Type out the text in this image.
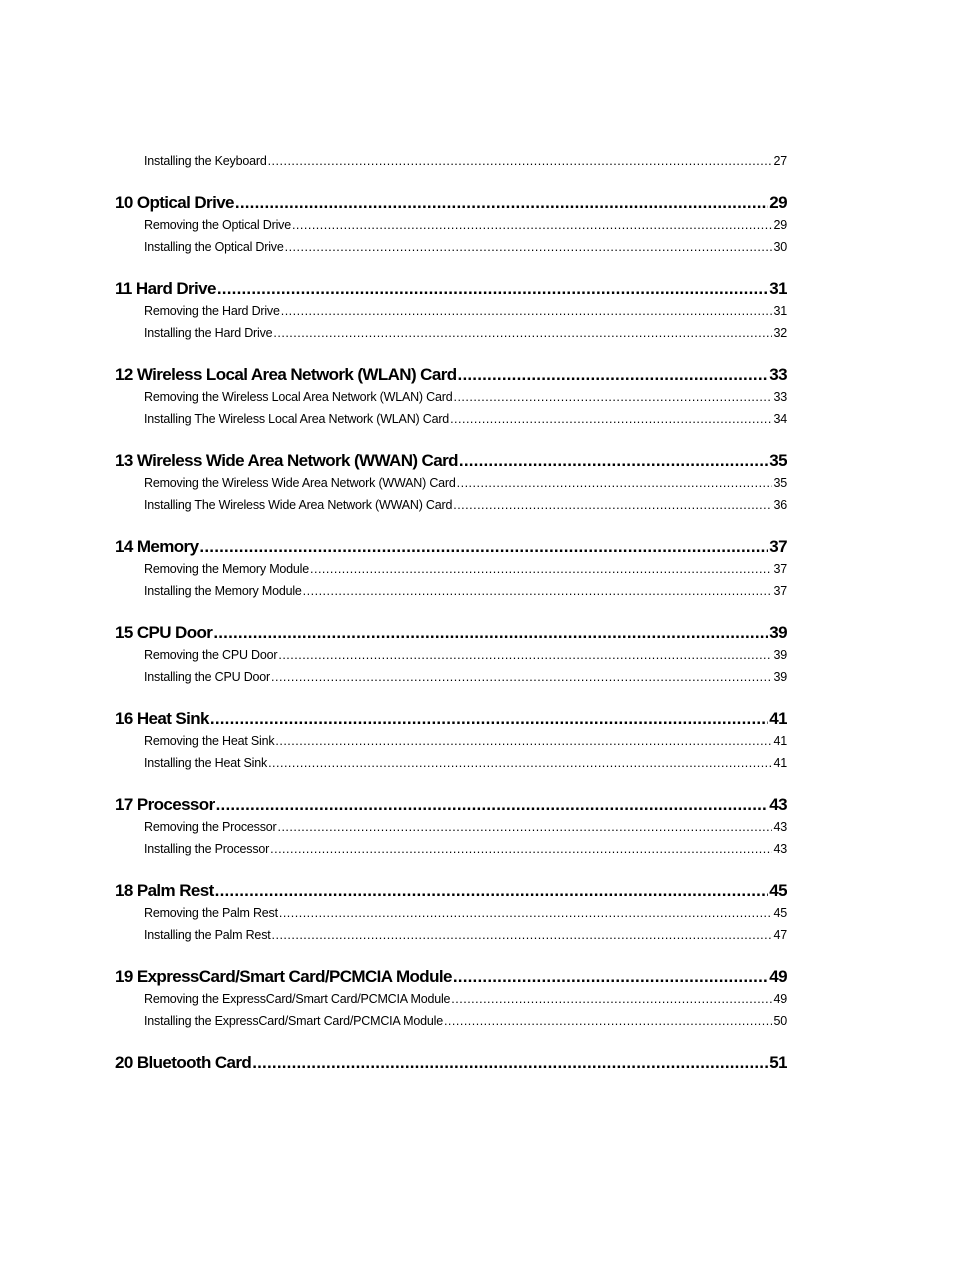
Installing the Keyboard .....	27
10 Optical Drive .....	29
Removing the Optical Drive .....	29
Installing the Optical Drive .....	30
11 Hard Drive .....	31
Removing the Hard Drive .....	31
Installing the Hard Drive .....	32
12 Wireless Local Area Network (WLAN) Card .....	33
Removing the Wireless Local Area Network (WLAN) Card .....	33
Installing The Wireless Local Area Network (WLAN) Card .....	34
13 Wireless Wide Area Network (WWAN) Card .....	35
Removing the Wireless Wide Area Network (WWAN) Card .....	35
Installing The Wireless Wide Area Network (WWAN) Card .....	36
14 Memory .....	37
Removing the Memory Module .....	37
Installing the Memory Module .....	37
15 CPU Door .....	39
Removing the CPU Door .....	39
Installing the CPU Door .....	39
16 Heat Sink .....	41
Removing the Heat Sink .....	41
Installing the Heat Sink .....	41
17 Processor .....	43
Removing the Processor .....	43
Installing the Processor .....	43
18 Palm Rest .....	45
Removing the Palm Rest .....	45
Installing the Palm Rest .....	47
19 ExpressCard/Smart Card/PCMCIA Module .....	49
Removing the ExpressCard/Smart Card/PCMCIA Module .....	49
Installing the ExpressCard/Smart Card/PCMCIA Module .....	50
20 Bluetooth Card .....	51
